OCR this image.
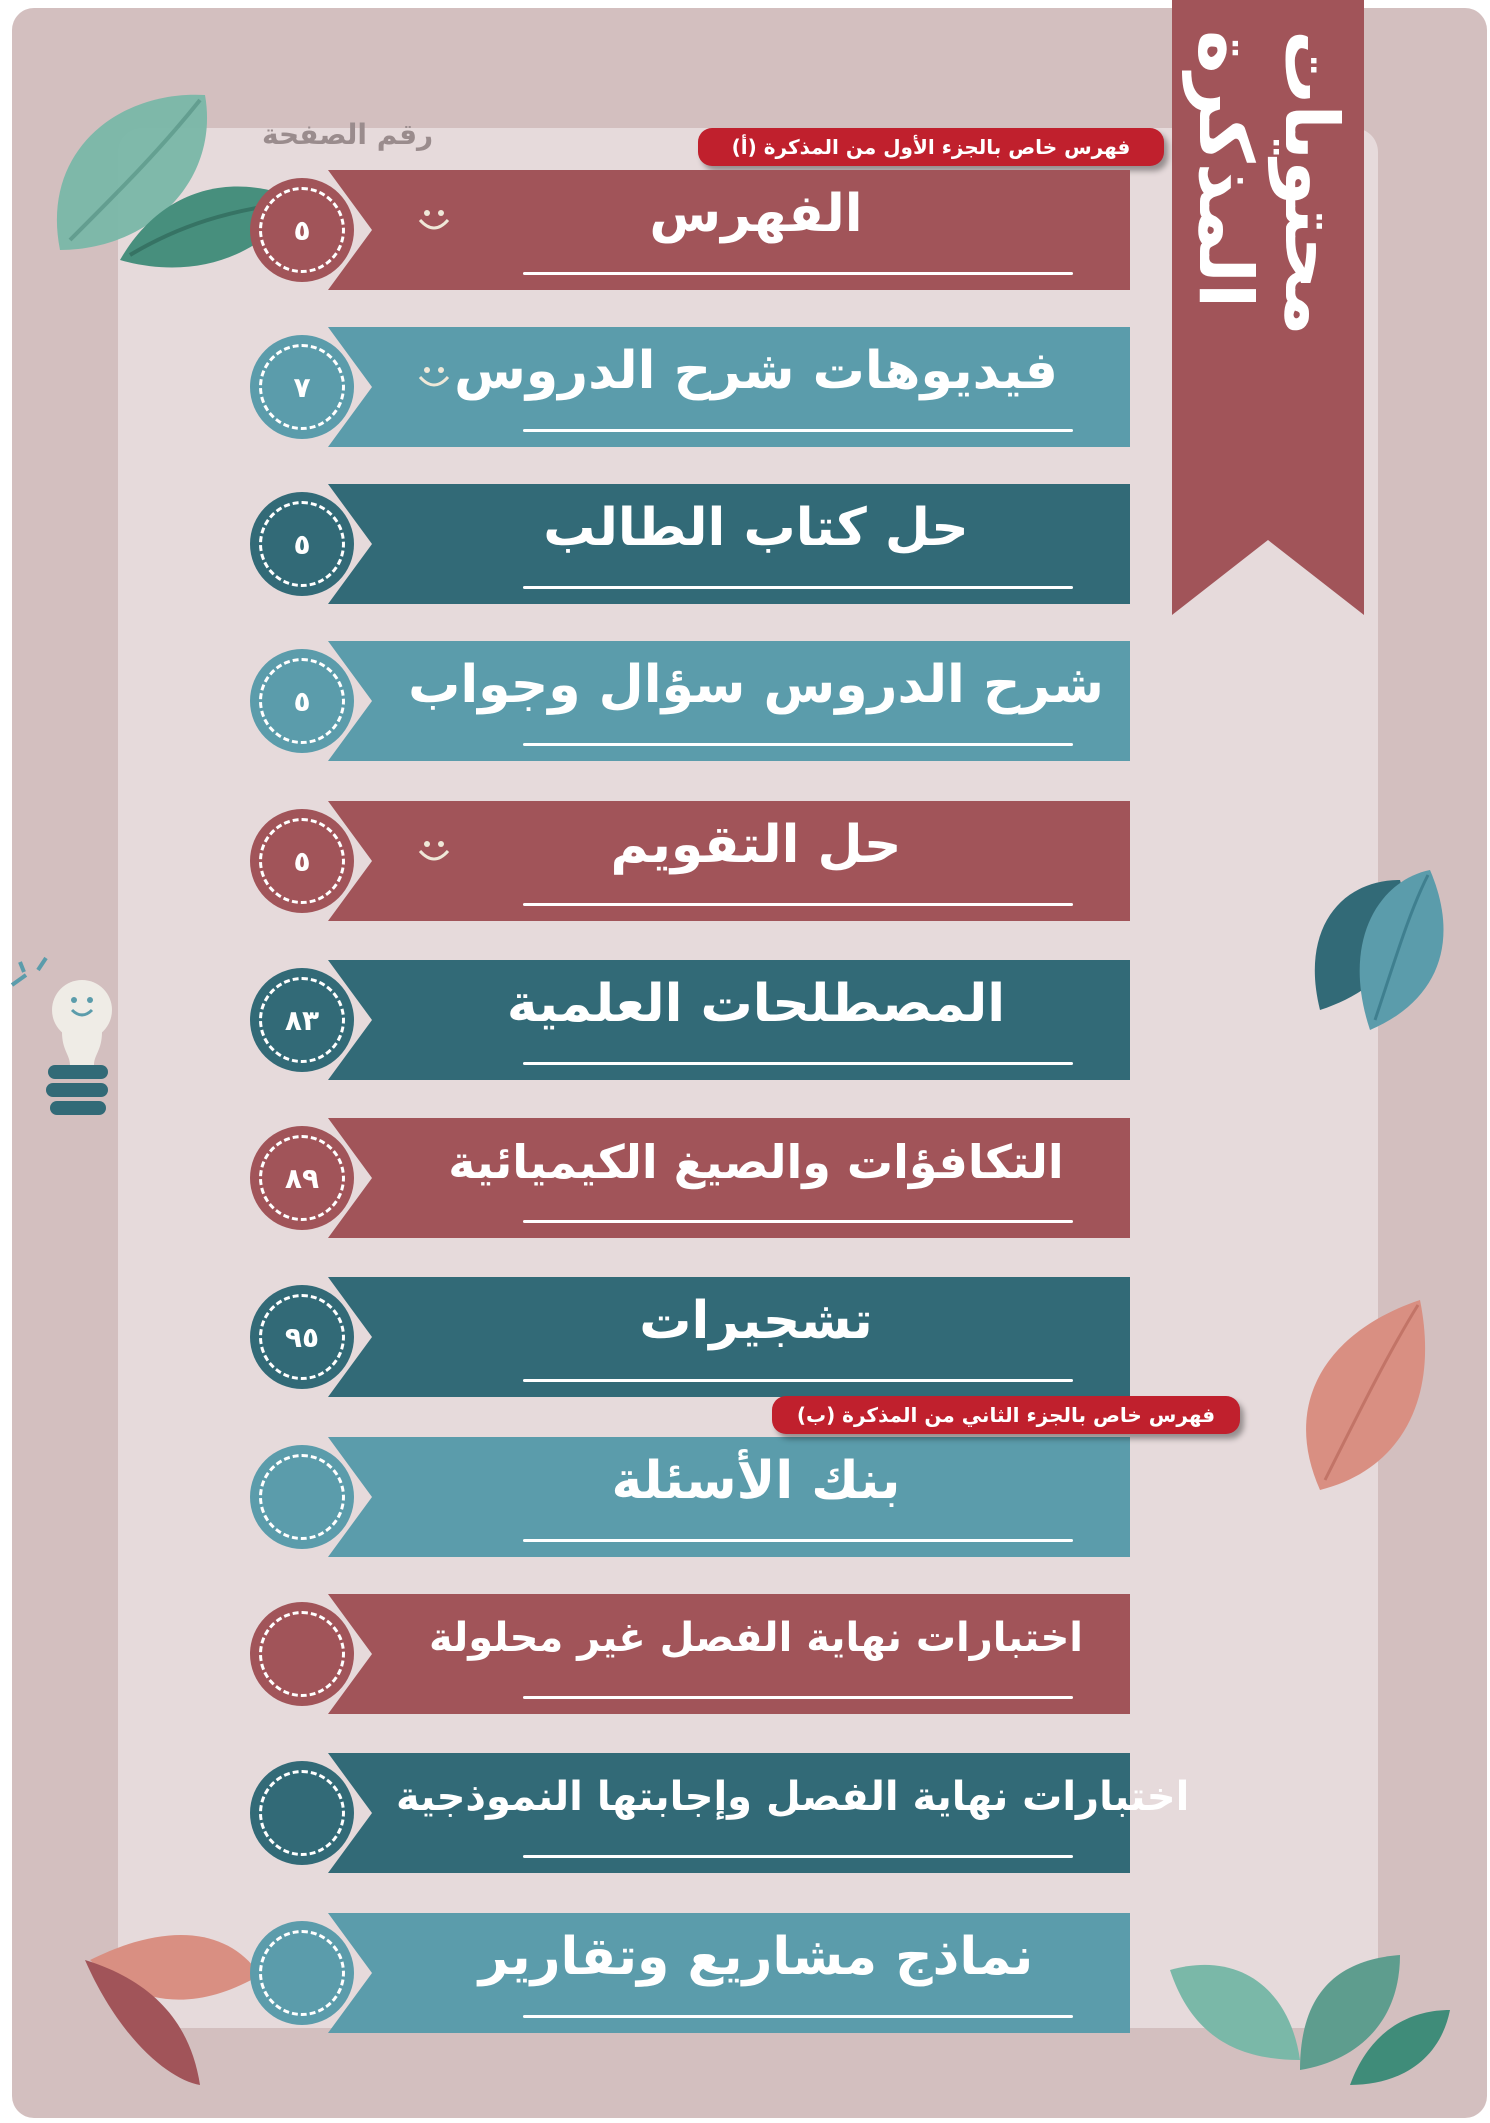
محتويات المذكرة
رقم الصفحة	فهرس خاص بالجزء الأول من المذكرة (أ)
الفهرس
٥
فيديوهات شرح الدروس
٧
حل كتاب الطالب
٥
شرح الدروس سؤال وجواب
٥
حل التقويم
٥
المصطلحات العلمية
٨٣
التكافؤات والصيغ الكيميائية
٨٩
تشجيرات
٩٥
بنك الأسئلة
اختبارات نهاية الفصل غير محلولة
اختبارات نهاية الفصل وإجابتها النموذجية
نماذج مشاريع وتقارير
فهرس خاص بالجزء الثاني من المذكرة (ب)
